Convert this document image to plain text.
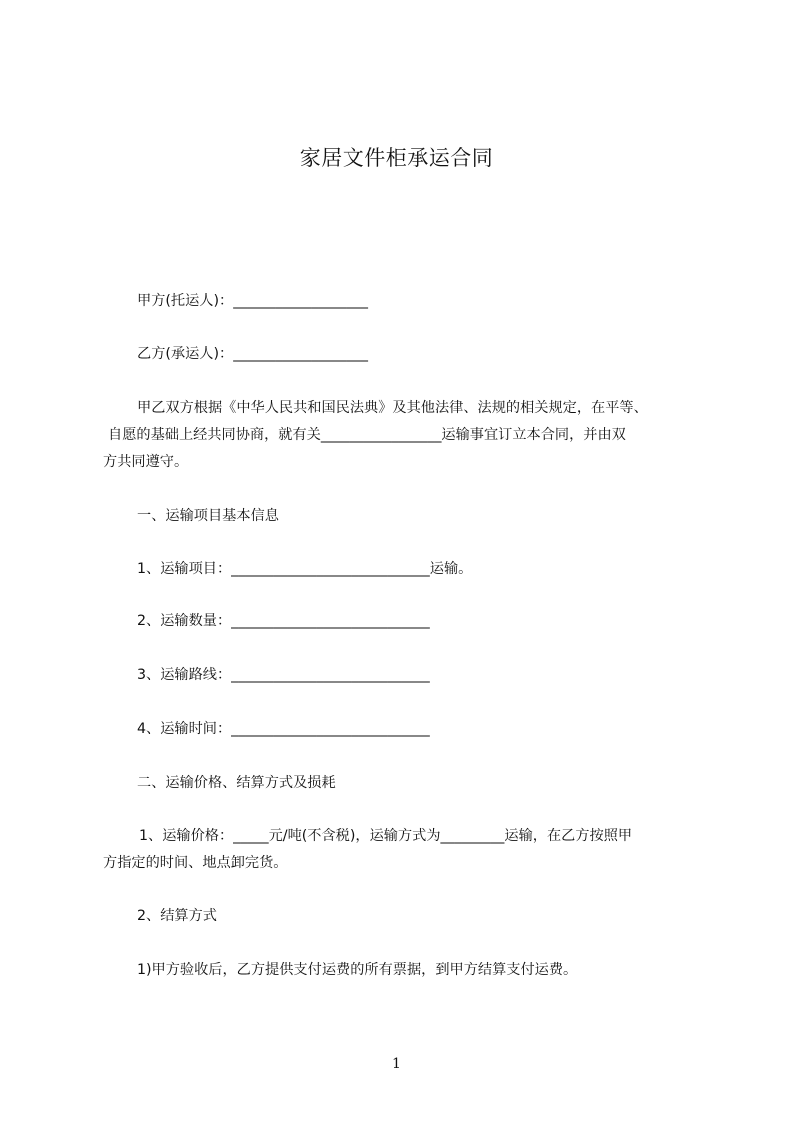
家居文件柜承运合同
甲方(托运人)：___________________
乙方(承运人)：___________________
甲乙双方根据《中华人民共和国民法典》及其他法律、法规的相关规定，在平等、
自愿的基础上经共同协商，就有关_________________运输事宜订立本合同，并由双
方共同遵守。
一、运输项目基本信息
1、运输项目：____________________________运输。
2、运输数量：____________________________
3、运输路线：____________________________
4、运输时间：____________________________
二、运输价格、结算方式及损耗
1、运输价格：_____元/吨(不含税)，运输方式为_________运输，在乙方按照甲
方指定的时间、地点卸完货。
2、结算方式
1)甲方验收后，乙方提供支付运费的所有票据，到甲方结算支付运费。
1
